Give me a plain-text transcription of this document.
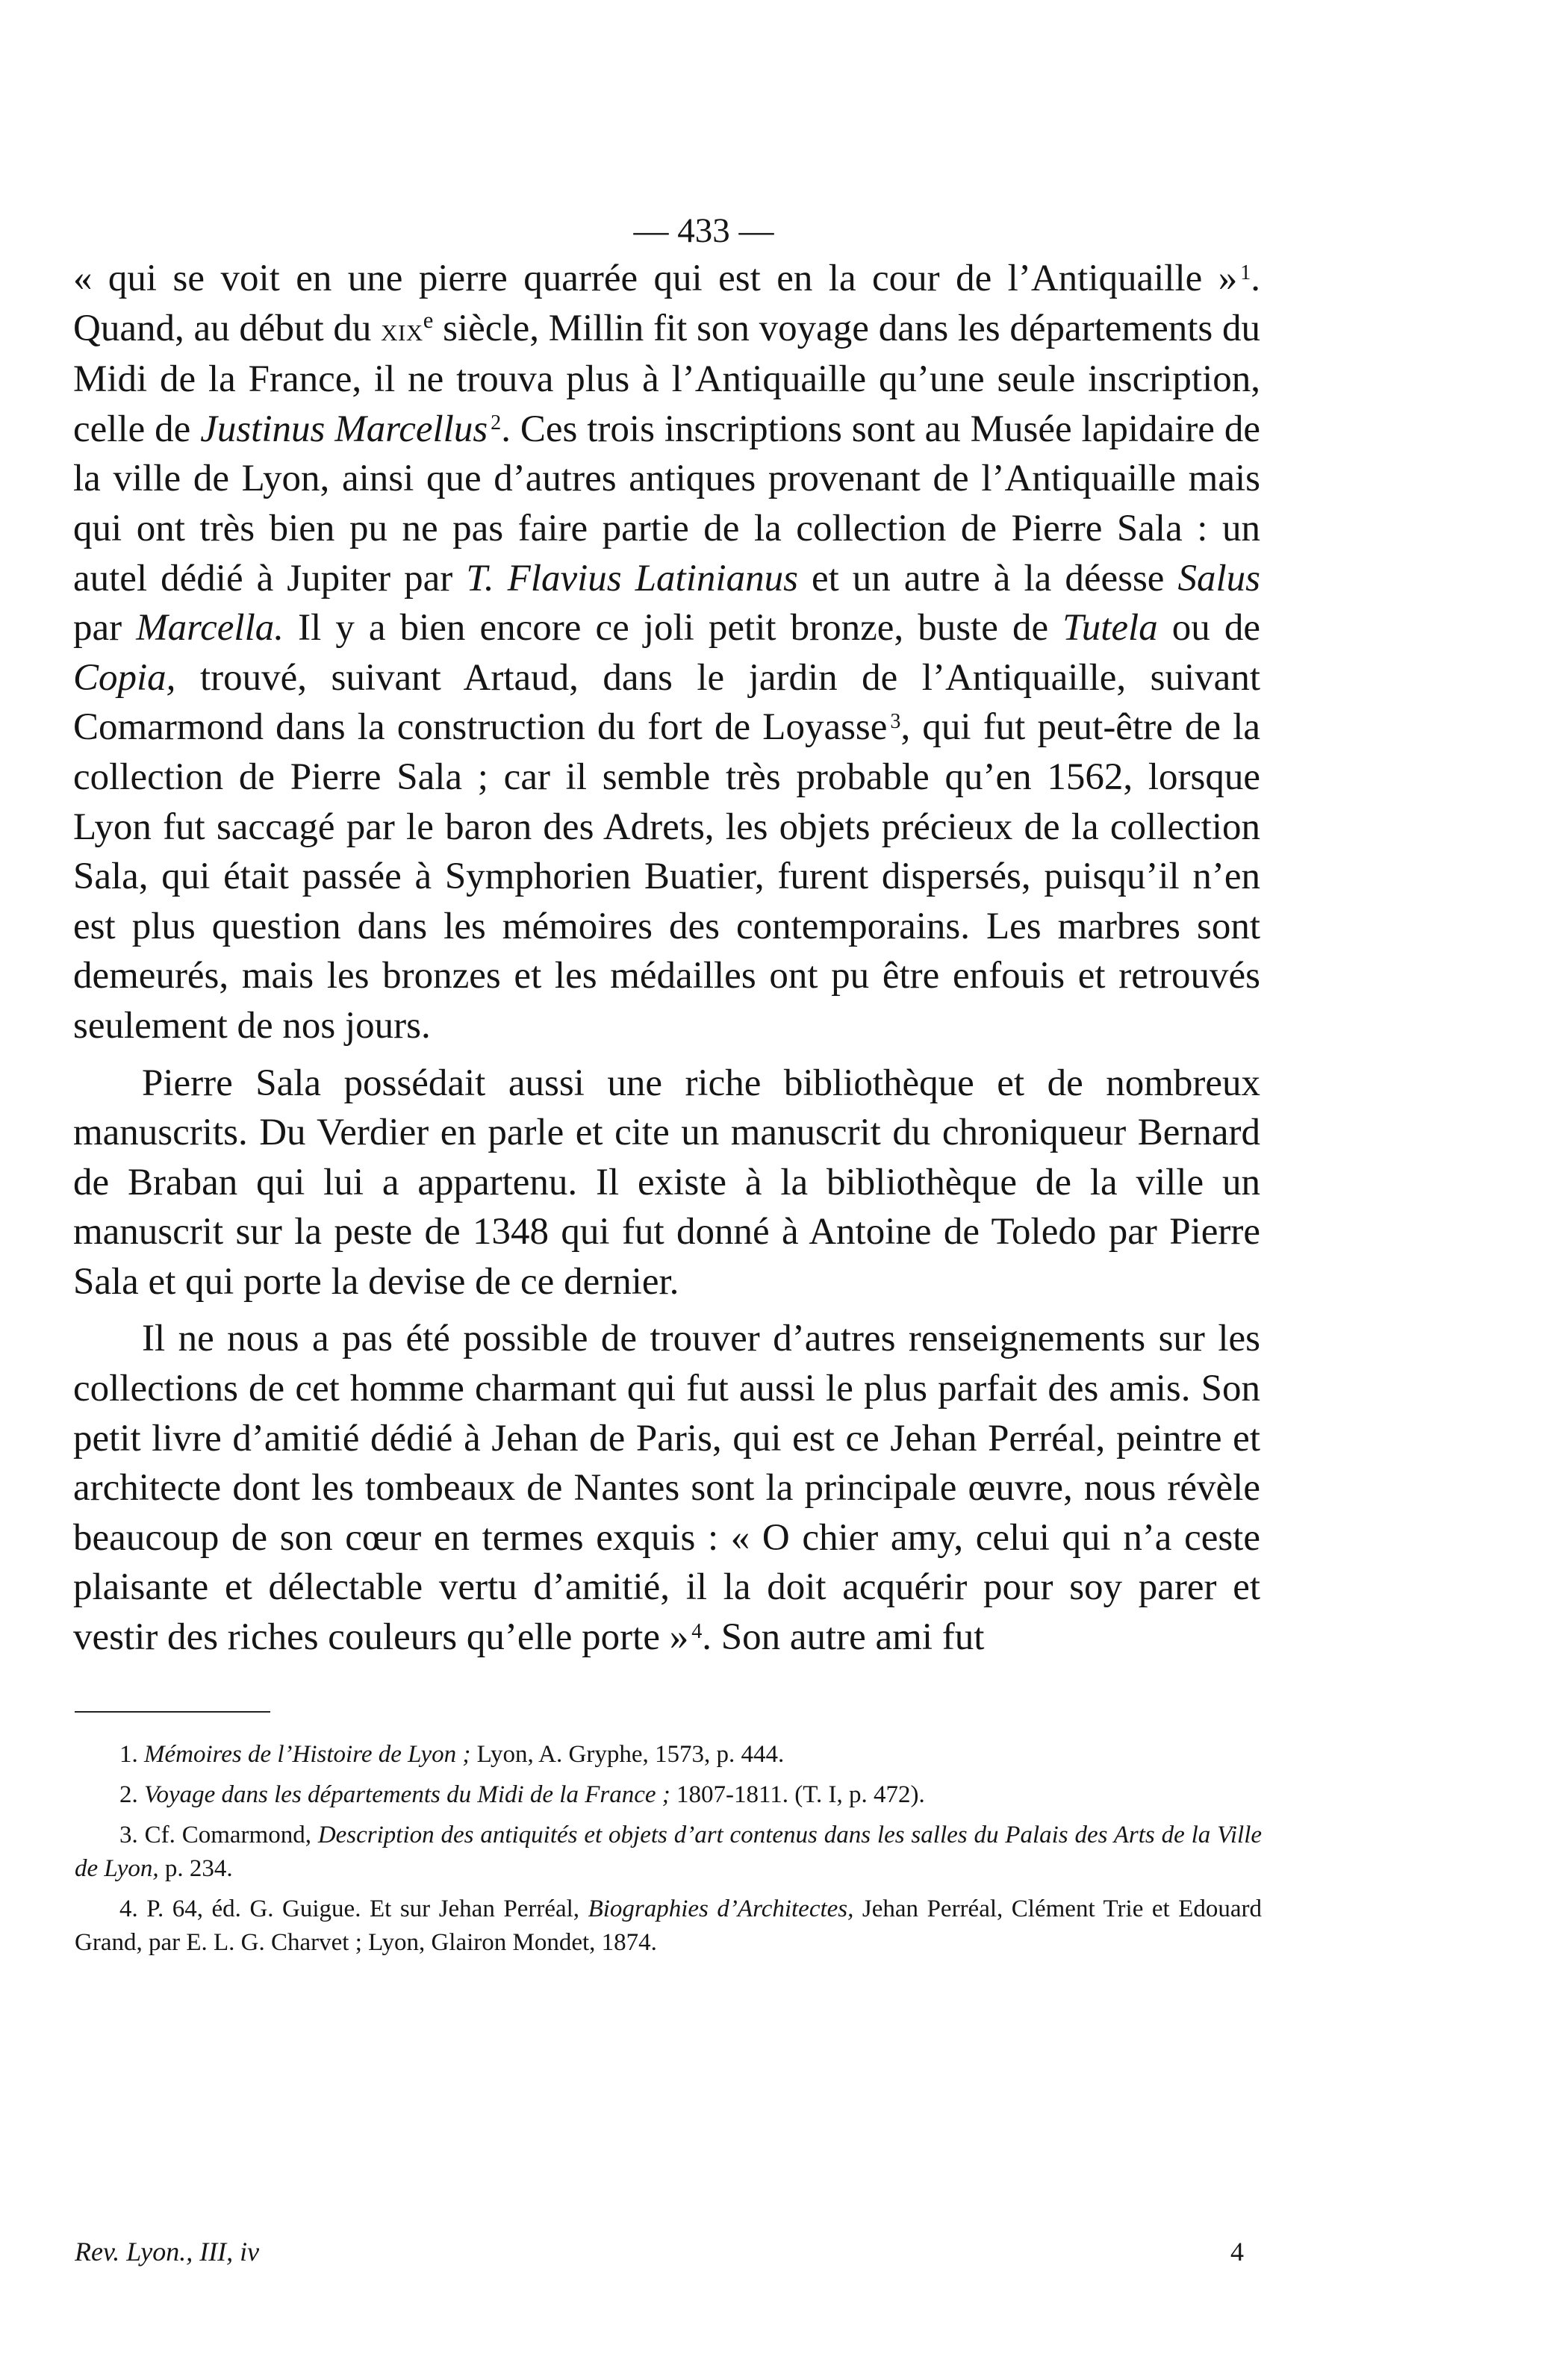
— 433 —

« qui se voit en une pierre quarrée qui est en la cour de l’Antiquaille » $^1$. Quand, au début du xix$^e$ siècle, Millin fit son voyage dans les départements du Midi de la France, il ne trouva plus à l’Antiquaille qu’une seule inscription, celle de Justinus Marcellus $^2$. Ces trois inscriptions sont au Musée lapidaire de la ville de Lyon, ainsi que d’autres antiques provenant de l’Antiquaille mais qui ont très bien pu ne pas faire partie de la collection de Pierre Sala : un autel dédié à Jupiter par T. Flavius Latinianus et un autre à la déesse Salus par Marcella. Il y a bien encore ce joli petit bronze, buste de Tutela ou de Copia, trouvé, suivant Artaud, dans le jardin de l’Antiquaille, suivant Comarmond dans la construction du fort de Loyasse $^3$, qui fut peut-être de la collection de Pierre Sala ; car il semble très probable qu’en 1562, lorsque Lyon fut saccagé par le baron des Adrets, les objets précieux de la collection Sala, qui était passée à Symphorien Buatier, furent dispersés, puisqu’il n’en est plus question dans les mémoires des contemporains. Les marbres sont demeurés, mais les bronzes et les médailles ont pu être enfouis et retrouvés seulement de nos jours.

Pierre Sala possédait aussi une riche bibliothèque et de nombreux manuscrits. Du Verdier en parle et cite un manuscrit du chroniqueur Bernard de Braban qui lui a appartenu. Il existe à la bibliothèque de la ville un manuscrit sur la peste de 1348 qui fut donné à Antoine de Toledo par Pierre Sala et qui porte la devise de ce dernier.

Il ne nous a pas été possible de trouver d’autres renseignements sur les collections de cet homme charmant qui fut aussi le plus parfait des amis. Son petit livre d’amitié dédié à Jehan de Paris, qui est ce Jehan Perréal, peintre et architecte dont les tombeaux de Nantes sont la principale œuvre, nous révèle beaucoup de son cœur en termes exquis : « O chier amy, celui qui n’a ceste plaisante et délectable vertu d’amitié, il la doit acquérir pour soy parer et vestir des riches couleurs qu’elle porte » $^4$. Son autre ami fut

1. Mémoires de l’Histoire de Lyon ; Lyon, A. Gryphe, 1573, p. 444.

2. Voyage dans les départements du Midi de la France ; 1807-1811. (T. I, p. 472).

3. Cf. Comarmond, Description des antiquités et objets d’art contenus dans les salles du Palais des Arts de la Ville de Lyon, p. 234.

4. P. 64, éd. G. Guigue. Et sur Jehan Perréal, Biographies d’Architectes, Jehan Perréal, Clément Trie et Edouard Grand, par E. L. G. Charvet ; Lyon, Glairon Mondet, 1874.

Rev. Lyon., III, iv	4
